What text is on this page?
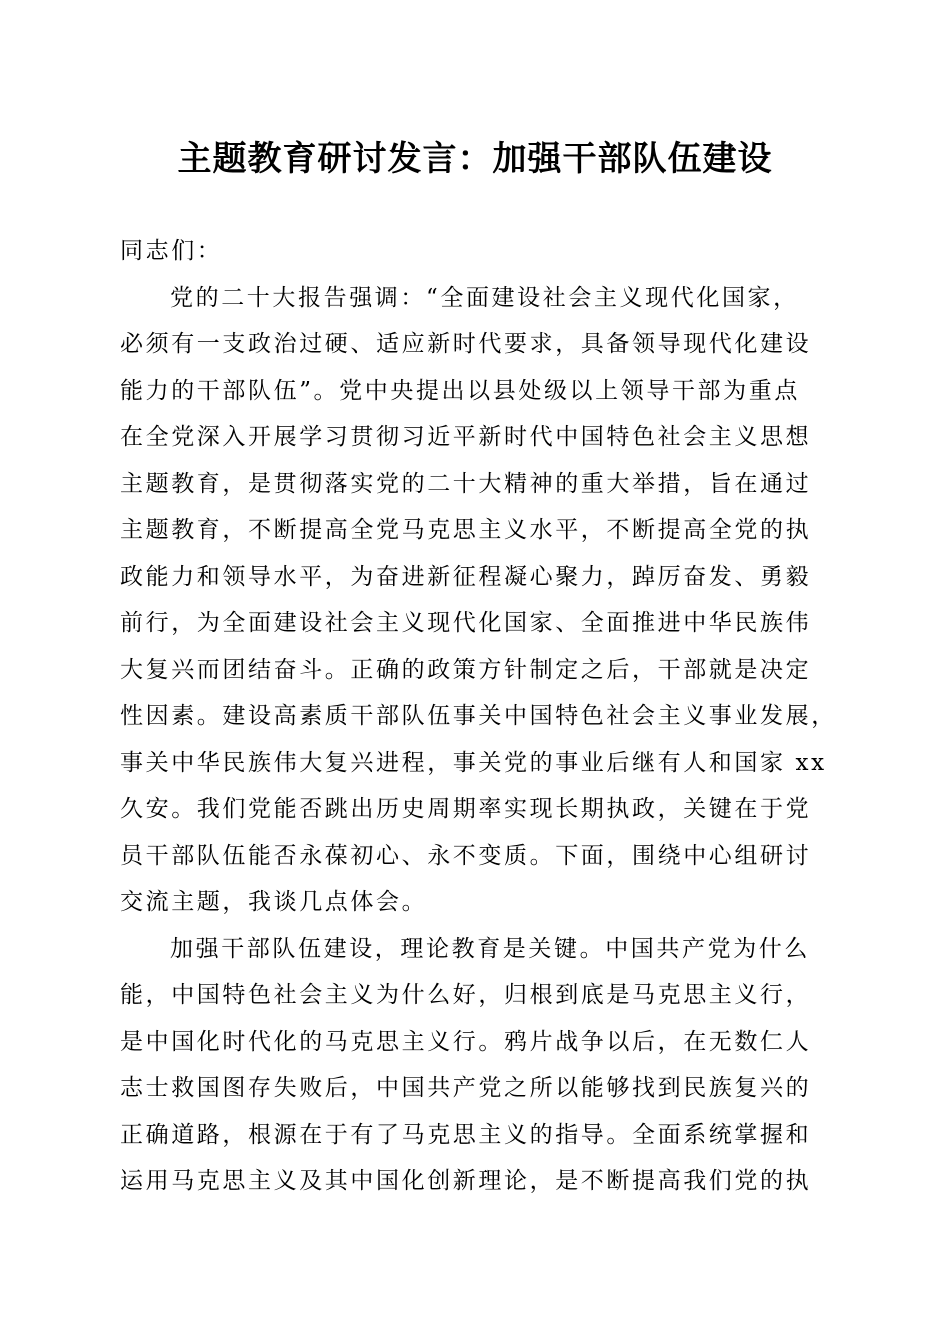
主题教育研讨发言：加强干部队伍建设

同志们：

党的二十大报告强调：“全面建设社会主义现代化国家，
必须有一支政治过硬、适应新时代要求，具备领导现代化建设
能力的干部队伍”。党中央提出以县处级以上领导干部为重点
在全党深入开展学习贯彻习近平新时代中国特色社会主义思想
主题教育，是贯彻落实党的二十大精神的重大举措，旨在通过
主题教育，不断提高全党马克思主义水平，不断提高全党的执
政能力和领导水平，为奋进新征程凝心聚力，踔厉奋发、勇毅
前行，为全面建设社会主义现代化国家、全面推进中华民族伟
大复兴而团结奋斗。正确的政策方针制定之后，干部就是决定
性因素。建设高素质干部队伍事关中国特色社会主义事业发展，
事关中华民族伟大复兴进程，事关党的事业后继有人和国家 xx
久安。我们党能否跳出历史周期率实现长期执政，关键在于党
员干部队伍能否永葆初心、永不变质。下面，围绕中心组研讨
交流主题，我谈几点体会。

加强干部队伍建设，理论教育是关键。中国共产党为什么
能，中国特色社会主义为什么好，归根到底是马克思主义行，
是中国化时代化的马克思主义行。鸦片战争以后，在无数仁人
志士救国图存失败后，中国共产党之所以能够找到民族复兴的
正确道路，根源在于有了马克思主义的指导。全面系统掌握和
运用马克思主义及其中国化创新理论，是不断提高我们党的执
